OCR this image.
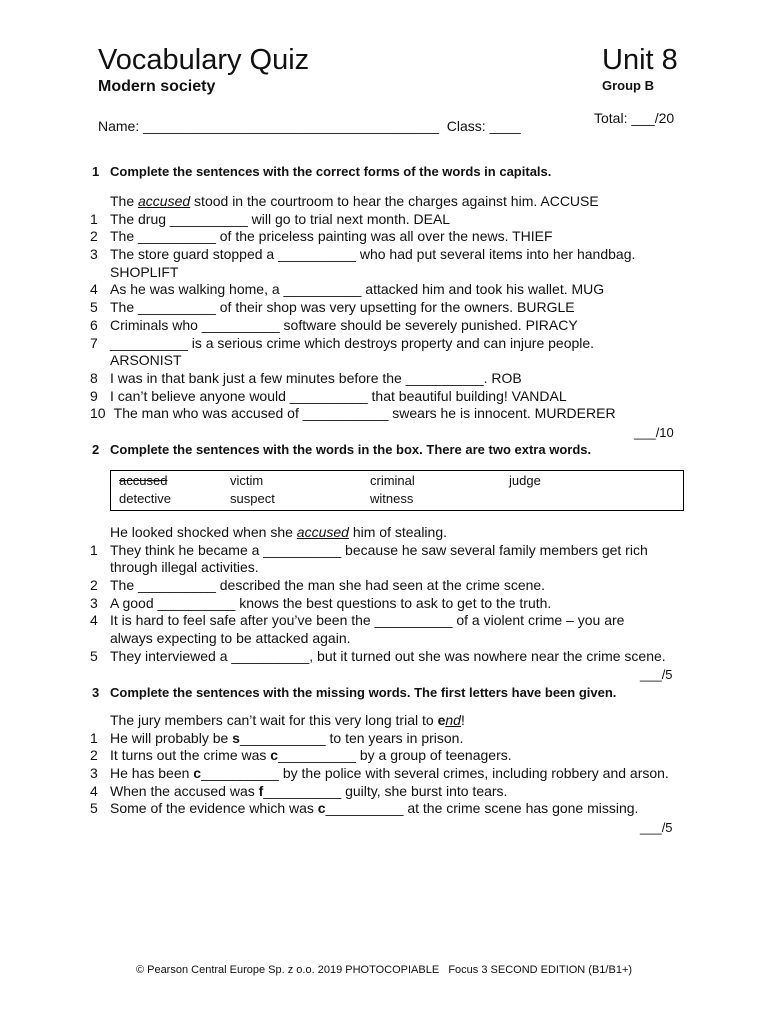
Vocabulary Quiz	Unit 8
Modern society	Group B
Name: ______________________________________  Class: ____	Total: ___/20
1 Complete the sentences with the correct forms of the words in capitals.
The accused stood in the courtroom to hear the charges against him. ACCUSE
1 The drug __________ will go to trial next month. DEAL
2 The __________ of the priceless painting was all over the news. THIEF
3 The store guard stopped a __________ who had put several items into her handbag.
SHOPLIFT
4 As he was walking home, a __________ attacked him and took his wallet. MUG
5 The __________ of their shop was very upsetting for the owners. BURGLE
6 Criminals who __________ software should be severely punished. PIRACY
7 __________ is a serious crime which destroys property and can injure people.
ARSONIST
8 I was in that bank just a few minutes before the __________. ROB
9 I can’t believe anyone would __________ that beautiful building! VANDAL
10 The man who was accused of ___________ swears he is innocent. MURDERER
___/10
2 Complete the sentences with the words in the box. There are two extra words.
accused	victim	criminal	judge
detective	suspect	witness
He looked shocked when she accused him of stealing.
1 They think he became a __________ because he saw several family members get rich
through illegal activities.
2 The __________ described the man she had seen at the crime scene.
3 A good __________ knows the best questions to ask to get to the truth.
4 It is hard to feel safe after you’ve been the __________ of a violent crime – you are
always expecting to be attacked again.
5 They interviewed a __________, but it turned out she was nowhere near the crime scene.
___/5
3 Complete the sentences with the missing words. The first letters have been given.
The jury members can’t wait for this very long trial to end!
1 He will probably be s___________ to ten years in prison.
2 It turns out the crime was c__________ by a group of teenagers.
3 He has been c__________ by the police with several crimes, including robbery and arson.
4 When the accused was f__________ guilty, she burst into tears.
5 Some of the evidence which was c__________ at the crime scene has gone missing.
___/5
© Pearson Central Europe Sp. z o.o. 2019 PHOTOCOPIABLE   Focus 3 SECOND EDITION (B1/B1+)
